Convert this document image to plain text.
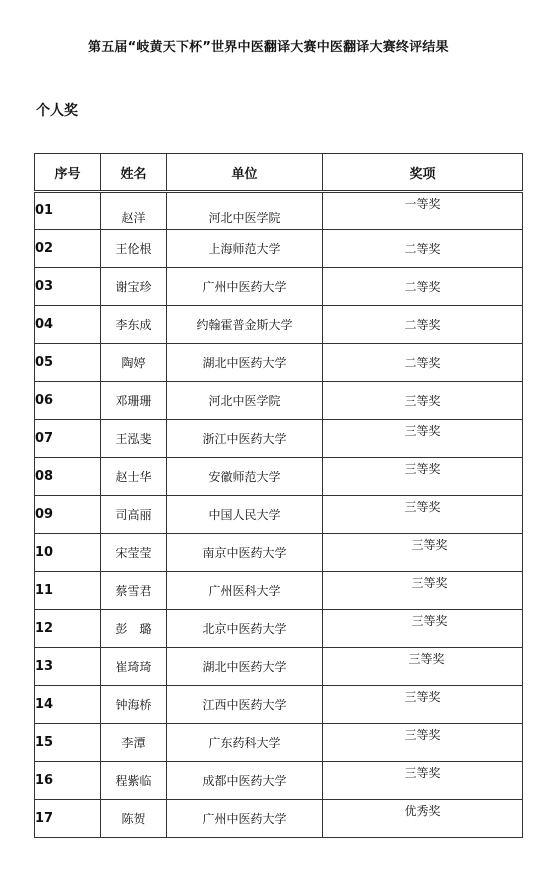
第五届“岐黄天下杯”世界中医翻译大赛中医翻译大赛终评结果
个人奖
序号	姓名	单位	奖项
01	赵洋	河北中医学院	一等奖
02	王伦根	上海师范大学	二等奖
03	谢宝珍	广州中医药大学	二等奖
04	李东成	约翰霍普金斯大学	二等奖
05	陶婷	湖北中医药大学	二等奖
06	邓珊珊	河北中医学院	三等奖
07	王泓斐	浙江中医药大学	三等奖
08	赵士华	安徽师范大学	三等奖
09	司高丽	中国人民大学	三等奖
10	宋莹莹	南京中医药大学	三等奖
11	蔡雪君	广州医科大学	三等奖
12	彭　璐	北京中医药大学	三等奖
13	崔琦琦	湖北中医药大学	三等奖
14	钟海桥	江西中医药大学	三等奖
15	李潭	广东药科大学	三等奖
16	程紫临	成都中医药大学	三等奖
17	陈贺	广州中医药大学	优秀奖
